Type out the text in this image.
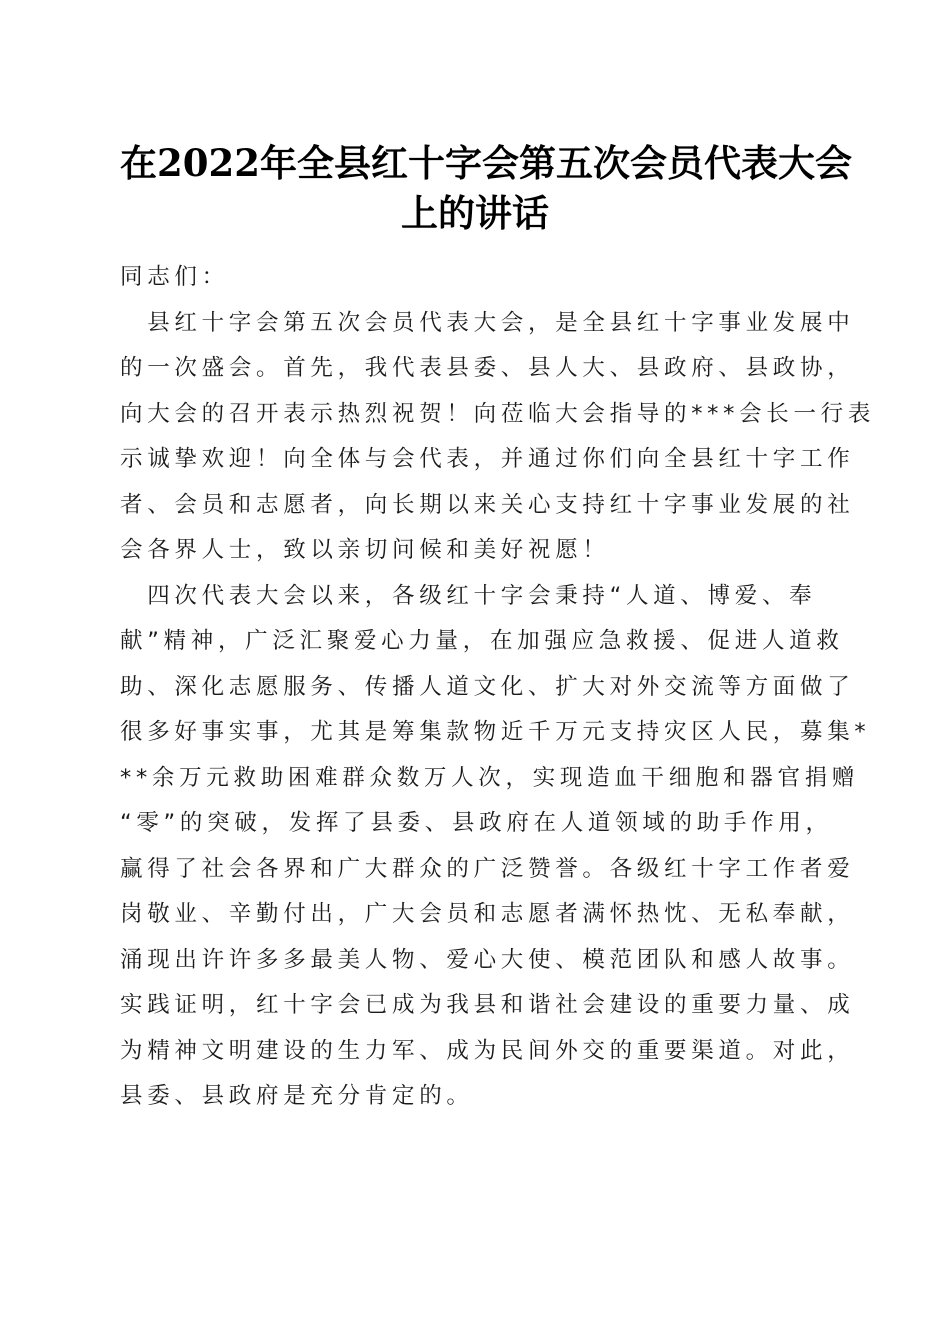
在2022年全县红十字会第五次会员代表大会
上的讲话
同志们：
　县红十字会第五次会员代表大会，是全县红十字事业发展中
的一次盛会。首先，我代表县委、县人大、县政府、县政协，
向大会的召开表示热烈祝贺！向莅临大会指导的***会长一行表
示诚挚欢迎！向全体与会代表，并通过你们向全县红十字工作
者、会员和志愿者，向长期以来关心支持红十字事业发展的社
会各界人士，致以亲切问候和美好祝愿！
　四次代表大会以来，各级红十字会秉持“人道、博爱、奉
献”精神，广泛汇聚爱心力量，在加强应急救援、促进人道救
助、深化志愿服务、传播人道文化、扩大对外交流等方面做了
很多好事实事，尤其是筹集款物近千万元支持灾区人民，募集*
**余万元救助困难群众数万人次，实现造血干细胞和器官捐赠
“零”的突破，发挥了县委、县政府在人道领域的助手作用，
赢得了社会各界和广大群众的广泛赞誉。各级红十字工作者爱
岗敬业、辛勤付出，广大会员和志愿者满怀热忱、无私奉献，
涌现出许许多多最美人物、爱心大使、模范团队和感人故事。
实践证明，红十字会已成为我县和谐社会建设的重要力量、成
为精神文明建设的生力军、成为民间外交的重要渠道。对此，
县委、县政府是充分肯定的。
